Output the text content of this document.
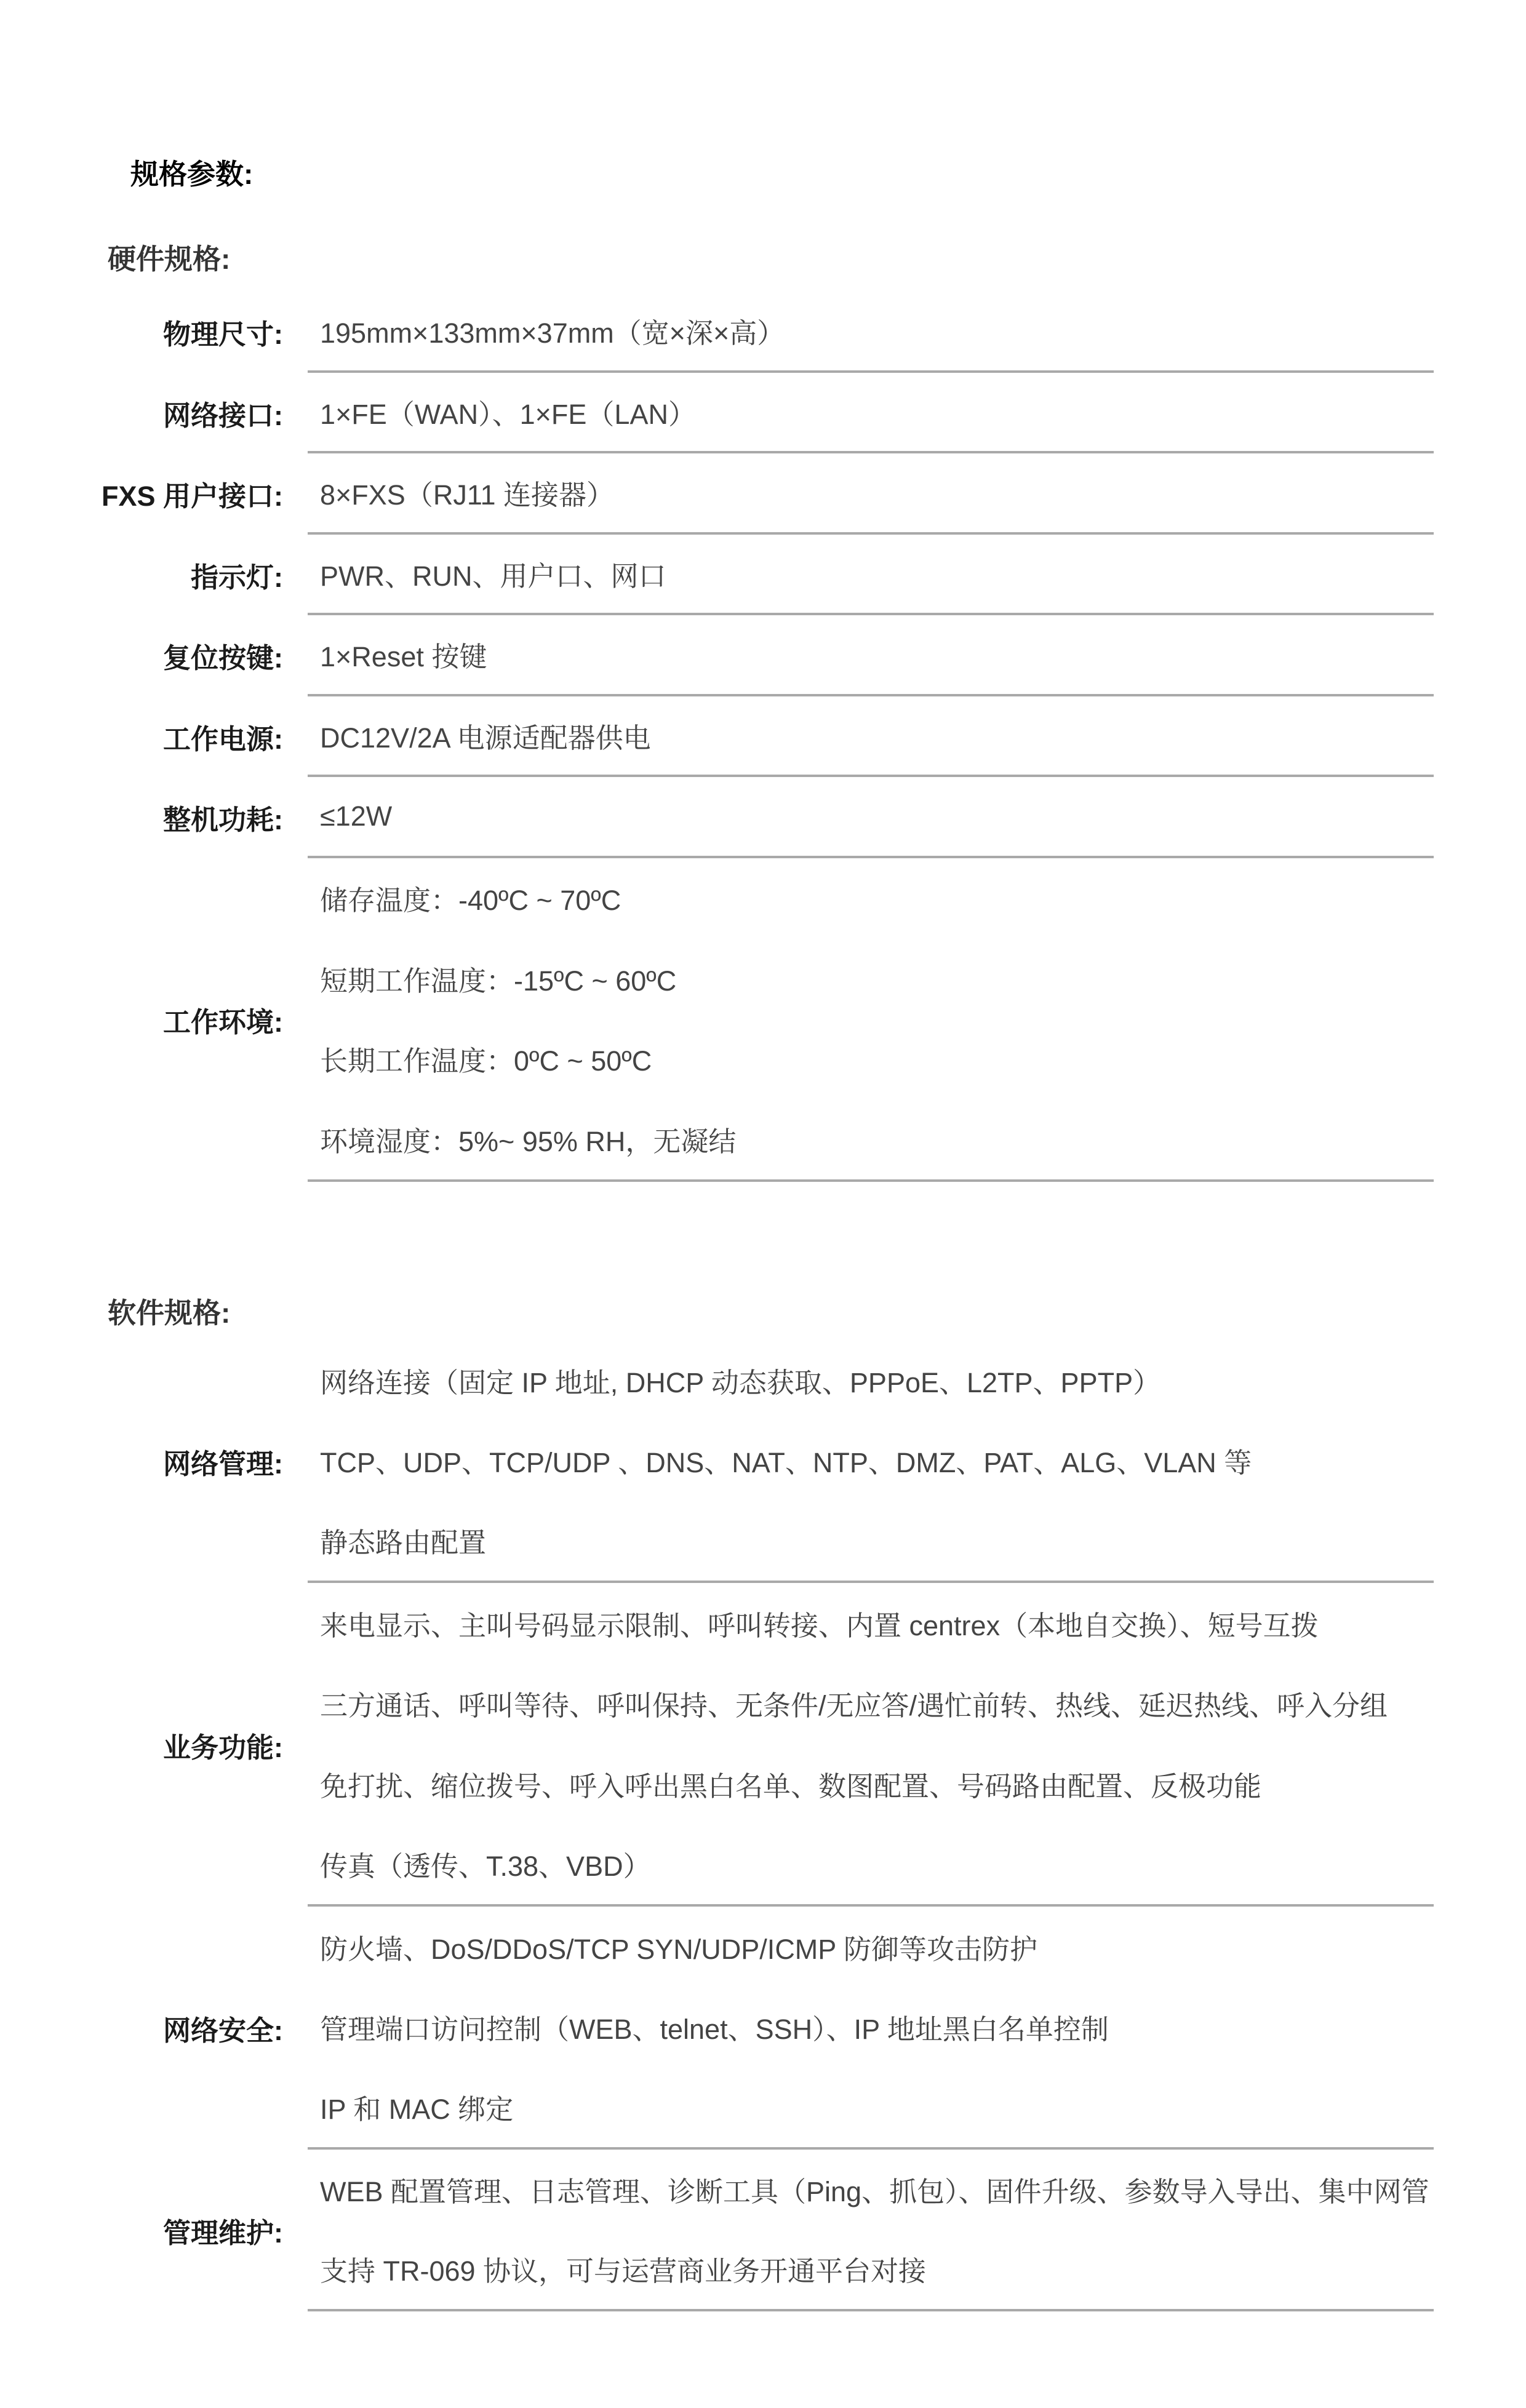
规格参数:
硬件规格:
物理尺寸: 195mm×133mm×37mm（宽×深×高）
网络接口: 1×FE（WAN）、1×FE（LAN）
FXS 用户接口: 8×FXS（RJ11 连接器）
指示灯: PWR、RUN、用户口、网口
复位按键: 1×Reset 按键
工作电源: DC12V/2A 电源适配器供电
整机功耗: ≤12W
工作环境:
储存温度：-40ºC ~ 70ºC
短期工作温度：-15ºC ~ 60ºC
长期工作温度：0ºC ~ 50ºC
环境湿度：5%~ 95% RH，无凝结
软件规格:
网络管理:
网络连接（固定 IP 地址, DHCP 动态获取、PPPoE、L2TP、PPTP）
TCP、UDP、TCP/UDP 、DNS、NAT、NTP、DMZ、PAT、ALG、VLAN 等
静态路由配置
业务功能:
来电显示、主叫号码显示限制、呼叫转接、内置 centrex（本地自交换）、短号互拨
三方通话、呼叫等待、呼叫保持、无条件/无应答/遇忙前转、热线、延迟热线、呼入分组
免打扰、缩位拨号、呼入呼出黑白名单、数图配置、号码路由配置、反极功能
传真（透传、T.38、VBD）
网络安全:
防火墙、DoS/DDoS/TCP SYN/UDP/ICMP 防御等攻击防护
管理端口访问控制（WEB、telnet、SSH）、IP 地址黑白名单控制
IP 和 MAC 绑定
管理维护:
WEB 配置管理、日志管理、诊断工具（Ping、抓包）、固件升级、参数导入导出、集中网管
支持 TR-069 协议，可与运营商业务开通平台对接
